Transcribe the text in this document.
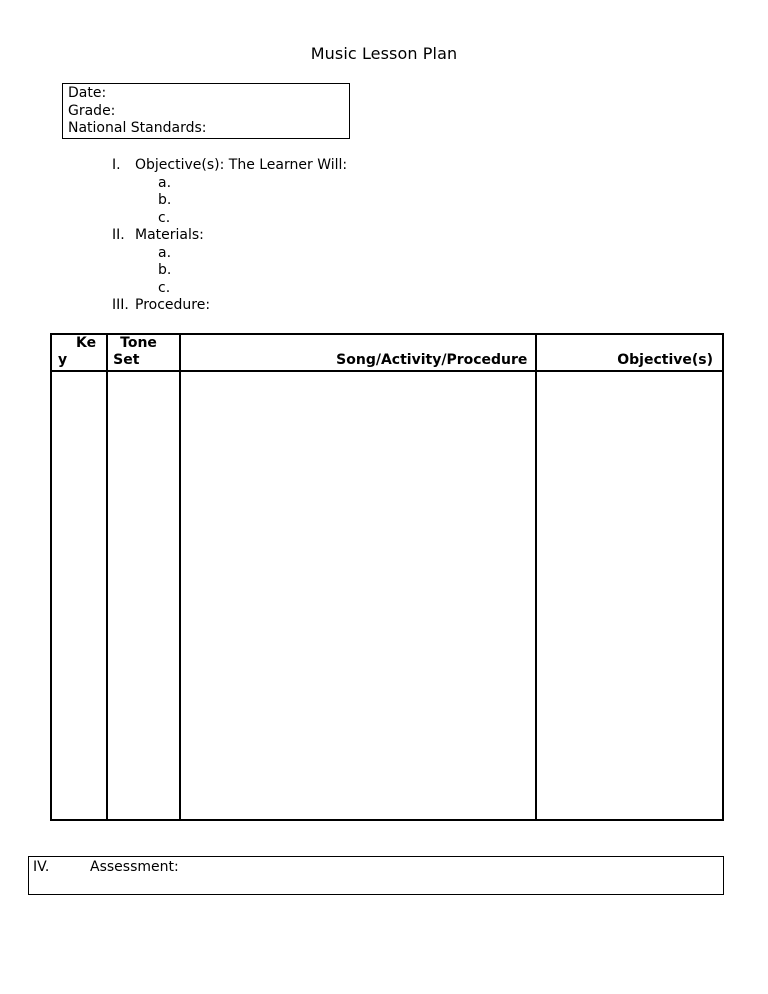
Music Lesson Plan
Date:
Grade:
National Standards:
I. Objective(s): The Learner Will:
a.
b.
c.
II. Materials:
a.
b.
c.
III. Procedure:
Ke
y	Tone
Set	Song/Activity/Procedure	Objective(s)

IV.	Assessment:
